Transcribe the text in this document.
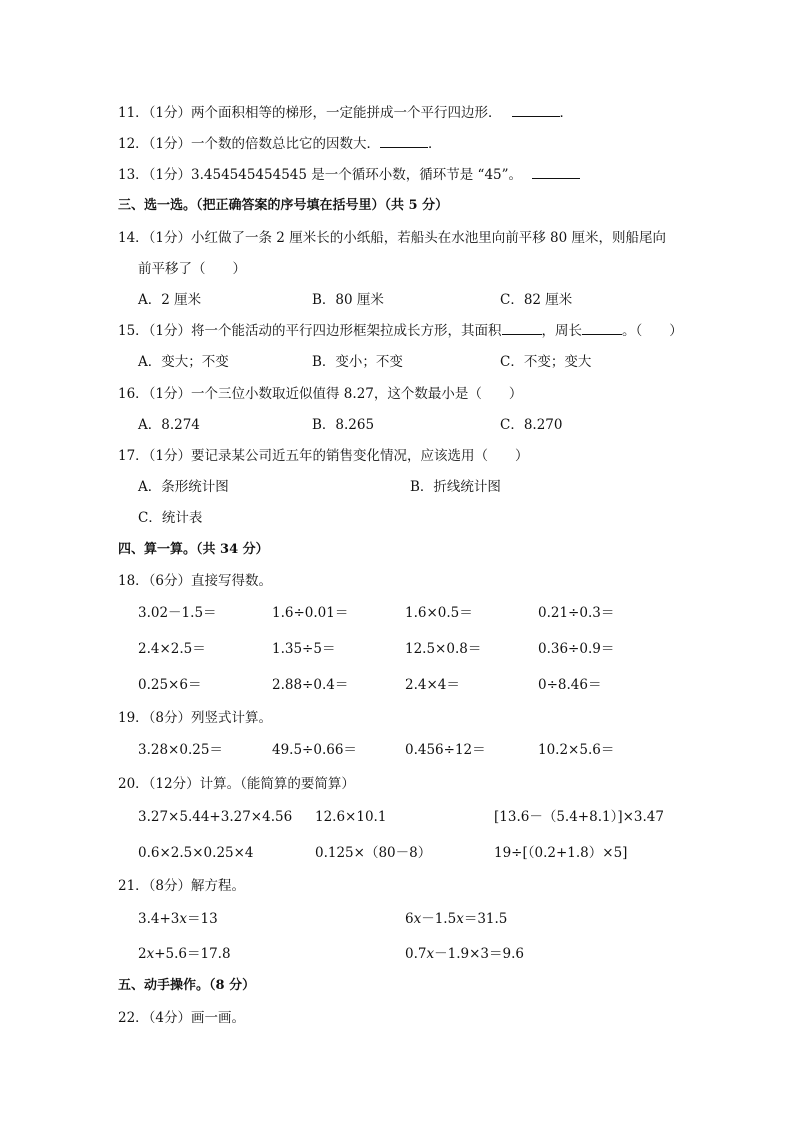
11．（1分）两个面积相等的梯形，一定能拼成一个平行四边形．	．
12．（1分）一个数的倍数总比它的因数大．	．
13．（1分）3.454545454545 是一个循环小数，循环节是 “45”。
三、选一选。（把正确答案的序号填在括号里）（共 5 分）
14．（1分）小红做了一条 2 厘米长的小纸船，若船头在水池里向前平移 80 厘米，则船尾向
前平移了（　　）
A．2 厘米	B．80 厘米	C．82 厘米
15．（1分）将一个能活动的平行四边形框架拉成长方形，其面积	，周长	。（　　）
A．变大；不变	B．变小；不变	C．不变；变大
16．（1分）一个三位小数取近似值得 8.27，这个数最小是（　　）
A．8.274	B．8.265	C．8.270
17．（1分）要记录某公司近五年的销售变化情况，应该选用（　　）
A．条形统计图	B．折线统计图
C．统计表
四、算一算。（共 34 分）
18．（6分）直接写得数。
3.02－1.5＝	1.6÷0.01＝	1.6×0.5＝	0.21÷0.3＝
2.4×2.5＝	1.35÷5＝	12.5×0.8＝	0.36÷0.9＝
0.25×6＝	2.88÷0.4＝	2.4×4＝	0÷8.46＝
19．（8分）列竖式计算。
3.28×0.25＝	49.5÷0.66＝	0.456÷12＝	10.2×5.6＝
20．（12分）计算。（能简算的要简算）
3.27×5.44+3.27×4.56 12.6×10.1	[13.6－（5.4+8.1）]×3.47
0.6×2.5×0.25×4	0.125×（80－8）	19÷[（0.2+1.8）×5]
21．（8分）解方程。
3.4+3x＝13	6x－1.5x＝31.5
2x+5.6＝17.8	0.7x－1.9×3＝9.6
五、动手操作。（8 分）
22．（4分）画一画。
